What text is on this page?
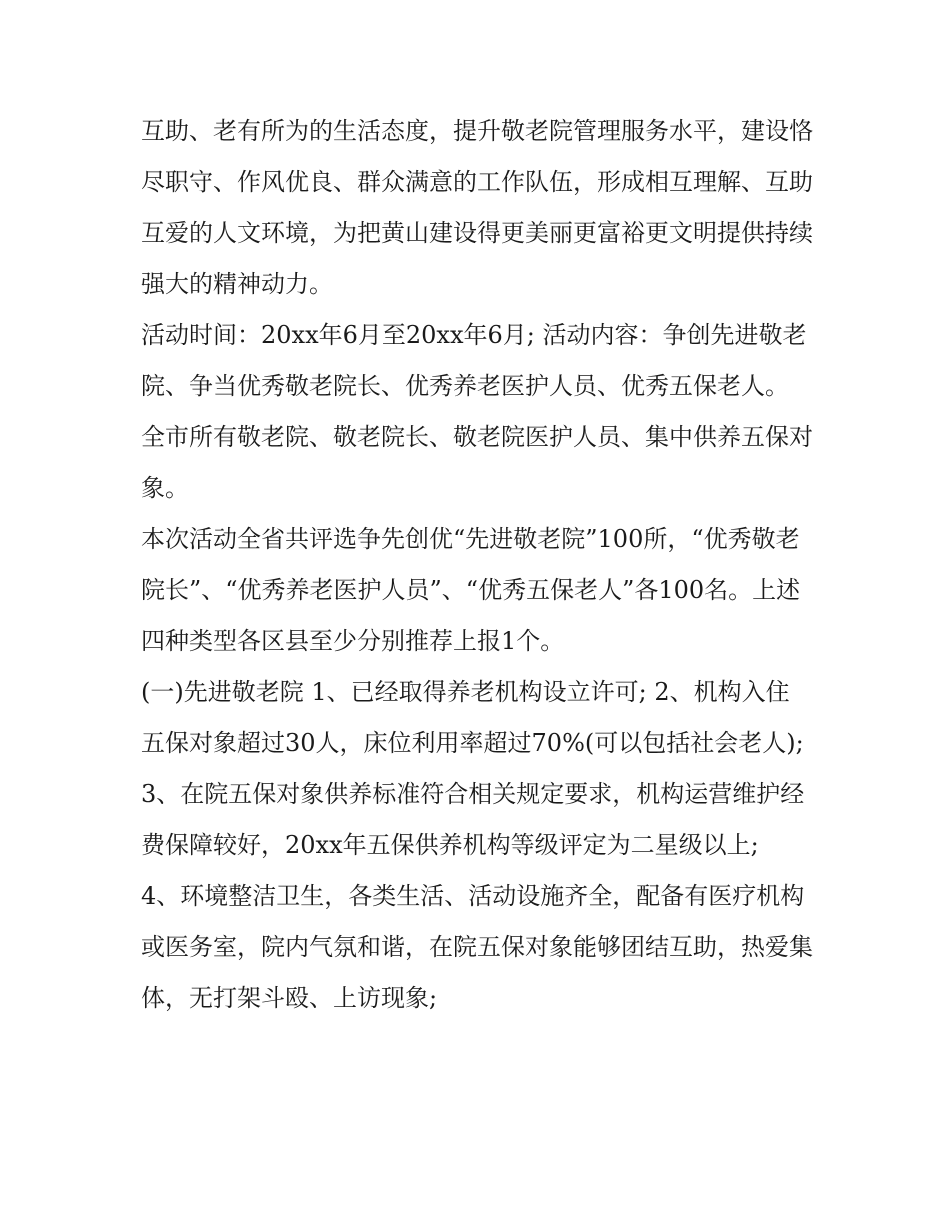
互助、老有所为的生活态度，提升敬老院管理服务水平，建设恪尽职守、作风优良、群众满意的工作队伍，形成相互理解、互助互爱的人文环境，为把黄山建设得更美丽更富裕更文明提供持续强大的精神动力。

活动时间：20xx年6月至20xx年6月; 活动内容：争创先进敬老院、争当优秀敬老院长、优秀养老医护人员、优秀五保老人。

全市所有敬老院、敬老院长、敬老院医护人员、集中供养五保对象。

本次活动全省共评选争先创优“先进敬老院”100所，“优秀敬老院长”、“优秀养老医护人员”、“优秀五保老人”各100名。上述四种类型各区县至少分别推荐上报1个。

(一)先进敬老院 1、已经取得养老机构设立许可; 2、机构入住五保对象超过30人，床位利用率超过70%(可以包括社会老人);

3、在院五保对象供养标准符合相关规定要求，机构运营维护经费保障较好，20xx年五保供养机构等级评定为二星级以上;

4、环境整洁卫生，各类生活、活动设施齐全，配备有医疗机构或医务室，院内气氛和谐，在院五保对象能够团结互助，热爱集体，无打架斗殴、上访现象;
